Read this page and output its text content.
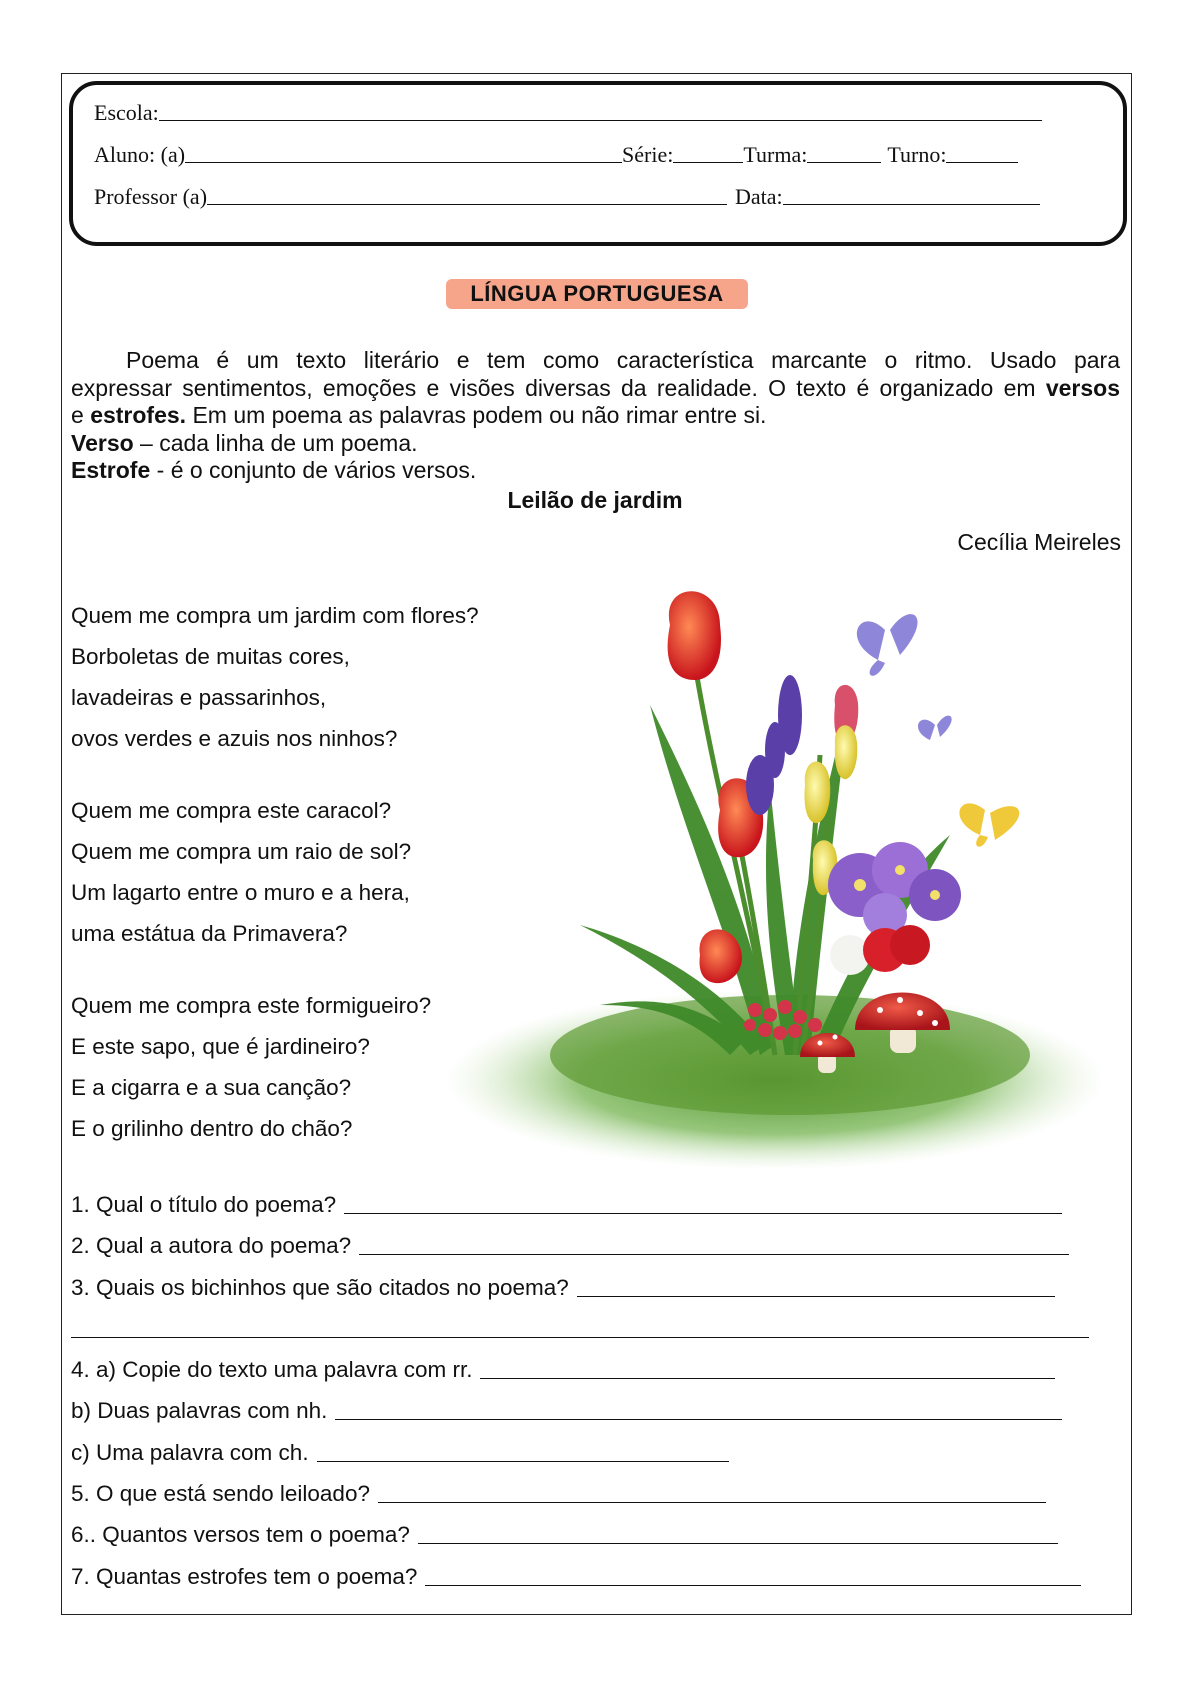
Escola:
Aluno: (a)	Série:	Turma:	Turno:
Professor (a)	Data:
LÍNGUA PORTUGUESA

Poema é um texto literário e tem como característica marcante o ritmo. Usado para

expressar sentimentos, emoções e visões diversas da realidade. O texto é organizado em versos

e estrofes. Em um poema as palavras podem ou não rimar entre si.

Verso – cada linha de um poema.

Estrofe - é o conjunto de vários versos.

Leilão de jardim
Cecília Meireles
Quem me compra um jardim com flores?
Borboletas de muitas cores,
lavadeiras e passarinhos,
ovos verdes e azuis nos ninhos?
Quem me compra este caracol?
Quem me compra um raio de sol?
Um lagarto entre o muro e a hera,
uma estátua da Primavera?
Quem me compra este formigueiro?
E este sapo, que é jardineiro?
E a cigarra e a sua canção?
E o grilinho dentro do chão?
1. Qual o título do poema?
2. Qual a autora do poema?
3. Quais os bichinhos que são citados no poema?
4. a) Copie do texto uma palavra com rr.
b) Duas palavras com nh.
c) Uma palavra com ch.
5. O que está sendo leiloado?
6.. Quantos versos tem o poema?
7. Quantas estrofes tem o poema?
